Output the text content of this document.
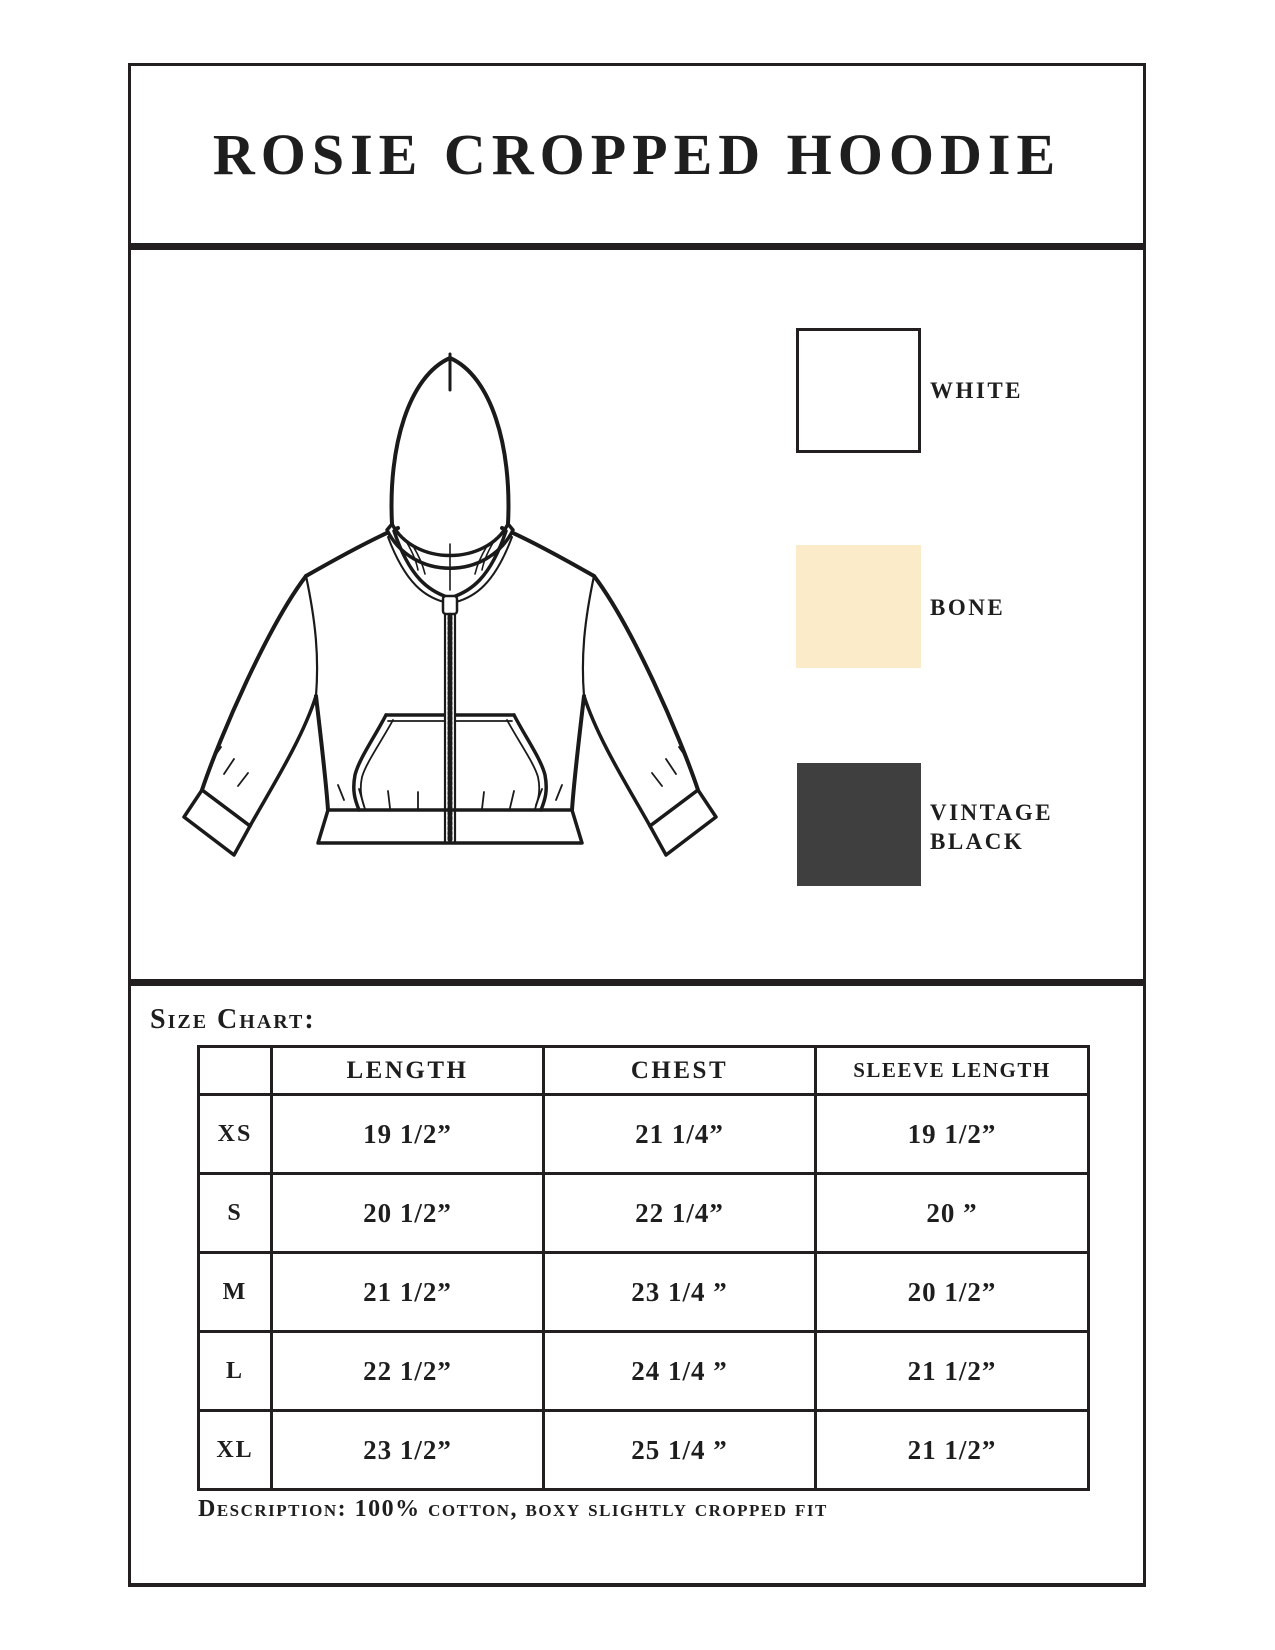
ROSIE CROPPED HOODIE
WHITE
BONE
VINTAGE BLACK
Size Chart:
	LENGTH	CHEST	SLEEVE LENGTH
XS	19 1/2”	21 1/4”	19 1/2”
S	20 1/2”	22 1/4”	20 ”
M	21 1/2”	23 1/4 ”	20 1/2”
L	22 1/2”	24 1/4 ”	21 1/2”
XL	23 1/2”	25 1/4 ”	21 1/2”
Description: 100% cotton, boxy slightly cropped fit
